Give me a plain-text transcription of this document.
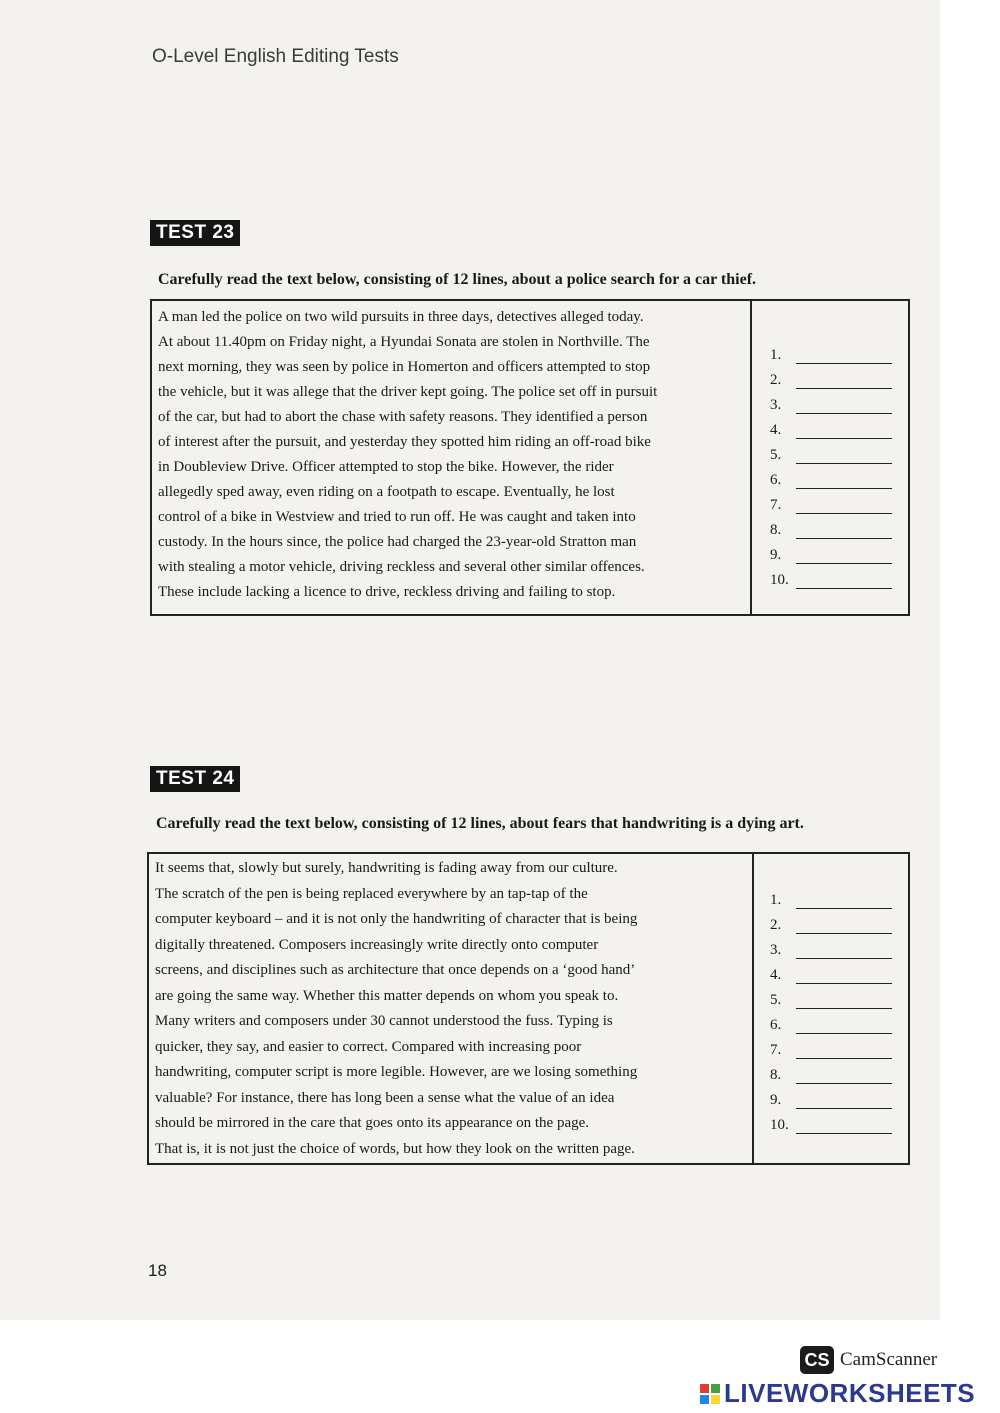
O-Level English Editing Tests
TEST 23
Carefully read the text below, consisting of 12 lines, about a police search for a car thief.
A man led the police on two wild pursuits in three days, detectives alleged today.
At about 11.40pm on Friday night, a Hyundai Sonata are stolen in Northville. The
next morning, they was seen by police in Homerton and officers attempted to stop
the vehicle, but it was allege that the driver kept going. The police set off in pursuit
of the car, but had to abort the chase with safety reasons. They identified a person
of interest after the pursuit, and yesterday they spotted him riding an off-road bike
in Doubleview Drive. Officer attempted to stop the bike. However, the rider
allegedly sped away, even riding on a footpath to escape. Eventually, he lost
control of a bike in Westview and tried to run off. He was caught and taken into
custody. In the hours since, the police had charged the 23-year-old Stratton man
with stealing a motor vehicle, driving reckless and several other similar offences.
These include lacking a licence to drive, reckless driving and failing to stop.
1.
2.
3.
4.
5.
6.
7.
8.
9.
10.
TEST 24
Carefully read the text below, consisting of 12 lines, about fears that handwriting is a dying art.
It seems that, slowly but surely, handwriting is fading away from our culture.
The scratch of the pen is being replaced everywhere by an tap-tap of the
computer keyboard – and it is not only the handwriting of character that is being
digitally threatened. Composers increasingly write directly onto computer
screens, and disciplines such as architecture that once depends on a ‘good hand’
are going the same way. Whether this matter depends on whom you speak to.
Many writers and composers under 30 cannot understood the fuss. Typing is
quicker, they say, and easier to correct. Compared with increasing poor
handwriting, computer script is more legible. However, are we losing something
valuable? For instance, there has long been a sense what the value of an idea
should be mirrored in the care that goes onto its appearance on the page.
That is, it is not just the choice of words, but how they look on the written page.
1.
2.
3.
4.
5.
6.
7.
8.
9.
10.
18
CS CamScanner
LIVEWORKSHEETS
